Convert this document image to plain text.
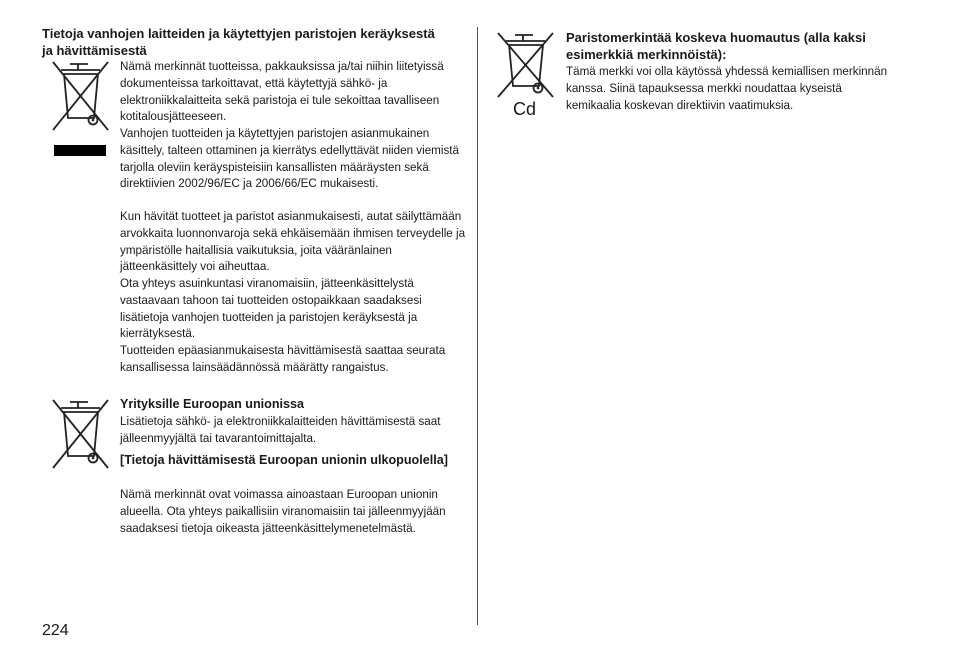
Tietoja vanhojen laitteiden ja käytettyjen paristojen keräyksestä ja hävittämisestä

Nämä merkinnät tuotteissa, pakkauksissa ja/tai niihin liitetyissä dokumenteissa tarkoittavat, että käytettyjä sähkö- ja elektroniikkalaitteita sekä paristoja ei tule sekoittaa tavalliseen kotitalousjätteeseen.

Vanhojen tuotteiden ja käytettyjen paristojen asianmukainen käsittely, talteen ottaminen ja kierrätys edellyttävät niiden viemistä tarjolla oleviin keräyspisteisiin kansallisten määräysten sekä direktiivien 2002/96/EC ja 2006/66/EC mukaisesti.

Kun hävität tuotteet ja paristot asianmukaisesti, autat säilyttämään arvokkaita luonnonvaroja sekä ehkäisemään ihmisen terveydelle ja ympäristölle haitallisia vaikutuksia, joita vääränlainen jätteenkäsittely voi aiheuttaa.

Ota yhteys asuinkuntasi viranomaisiin, jätteenkäsittelystä vastaavaan tahoon tai tuotteiden ostopaikkaan saadaksesi lisätietoja vanhojen tuotteiden ja paristojen keräyksestä ja kierrätyksestä.

Tuotteiden epäasianmukaisesta hävittämisestä saattaa seurata kansallisessa lainsäädännössä määrätty rangaistus.

Yrityksille Euroopan unionissa

Lisätietoja sähkö- ja elektroniikkalaitteiden hävittämisestä saat jälleenmyyjältä tai tavarantoimittajalta.

[Tietoja hävittämisestä Euroopan unionin ulkopuolella]

Nämä merkinnät ovat voimassa ainoastaan Euroopan unionin alueella. Ota yhteys paikallisiin viranomaisiin tai jälleenmyyjään saadaksesi tietoja oikeasta jätteenkäsittelymenetelmästä.

224
Cd

Paristomerkintää koskeva huomautus (alla kaksi esimerkkiä merkinnöistä):

Tämä merkki voi olla käytössä yhdessä kemiallisen merkinnän kanssa. Siinä tapauksessa merkki noudattaa kyseistä kemikaalia koskevan direktiivin vaatimuksia.
